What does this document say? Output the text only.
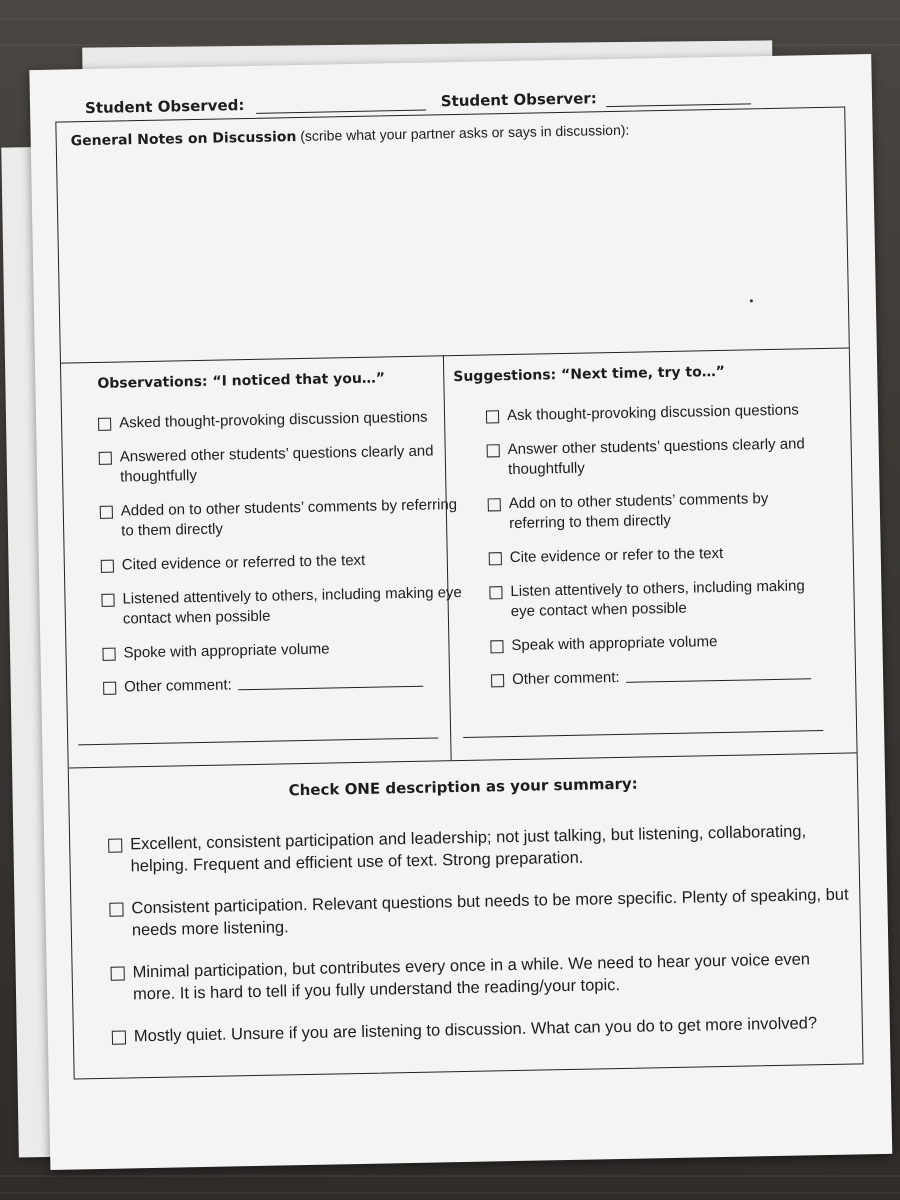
Student Observed:	Student Observer:
General Notes on Discussion (scribe what your partner asks or says in discussion):
Observations: “I noticed that you…”
Asked thought-provoking discussion questions
Answered other students’ questions clearly and thoughtfully
Added on to other students’ comments by referring to them directly
Cited evidence or referred to the text
Listened attentively to others, including making eye contact when possible
Spoke with appropriate volume
Other comment:
Suggestions: “Next time, try to…”
Ask thought-provoking discussion questions
Answer other students’ questions clearly and thoughtfully
Add on to other students’ comments by referring to them directly
Cite evidence or refer to the text
Listen attentively to others, including making eye contact when possible
Speak with appropriate volume
Other comment:
Check ONE description as your summary:
Excellent, consistent participation and leadership; not just talking, but listening, collaborating, helping. Frequent and efficient use of text. Strong preparation.
Consistent participation. Relevant questions but needs to be more specific. Plenty of speaking, but needs more listening.
Minimal participation, but contributes every once in a while. We need to hear your voice even more. It is hard to tell if you fully understand the reading/your topic.
Mostly quiet. Unsure if you are listening to discussion. What can you do to get more involved?
